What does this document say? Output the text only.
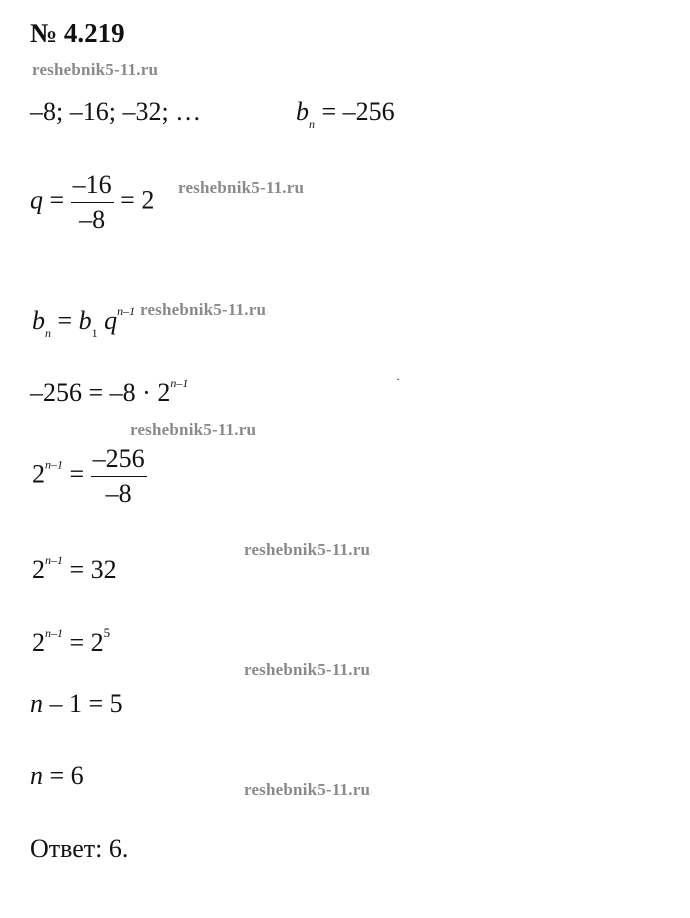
№ 4.219
reshebnik5-11.ru
reshebnik5-11.ru
reshebnik5-11.ru
reshebnik5-11.ru
reshebnik5-11.ru
reshebnik5-11.ru
reshebnik5-11.ru
–8; –16; –32; …	$b_n = -256$
$q = \frac{-16}{-8} = 2$
$b_n = b_1$ $q^{n-1}$
$-256 = -8 \cdot 2^{n-1}$	·
$2^{n-1} = \frac{-256}{-8}$
$2^{n-1} = 32$
$2^{n-1} = 2^5$
n – 1 = 5
n = 6
Ответ: 6.
